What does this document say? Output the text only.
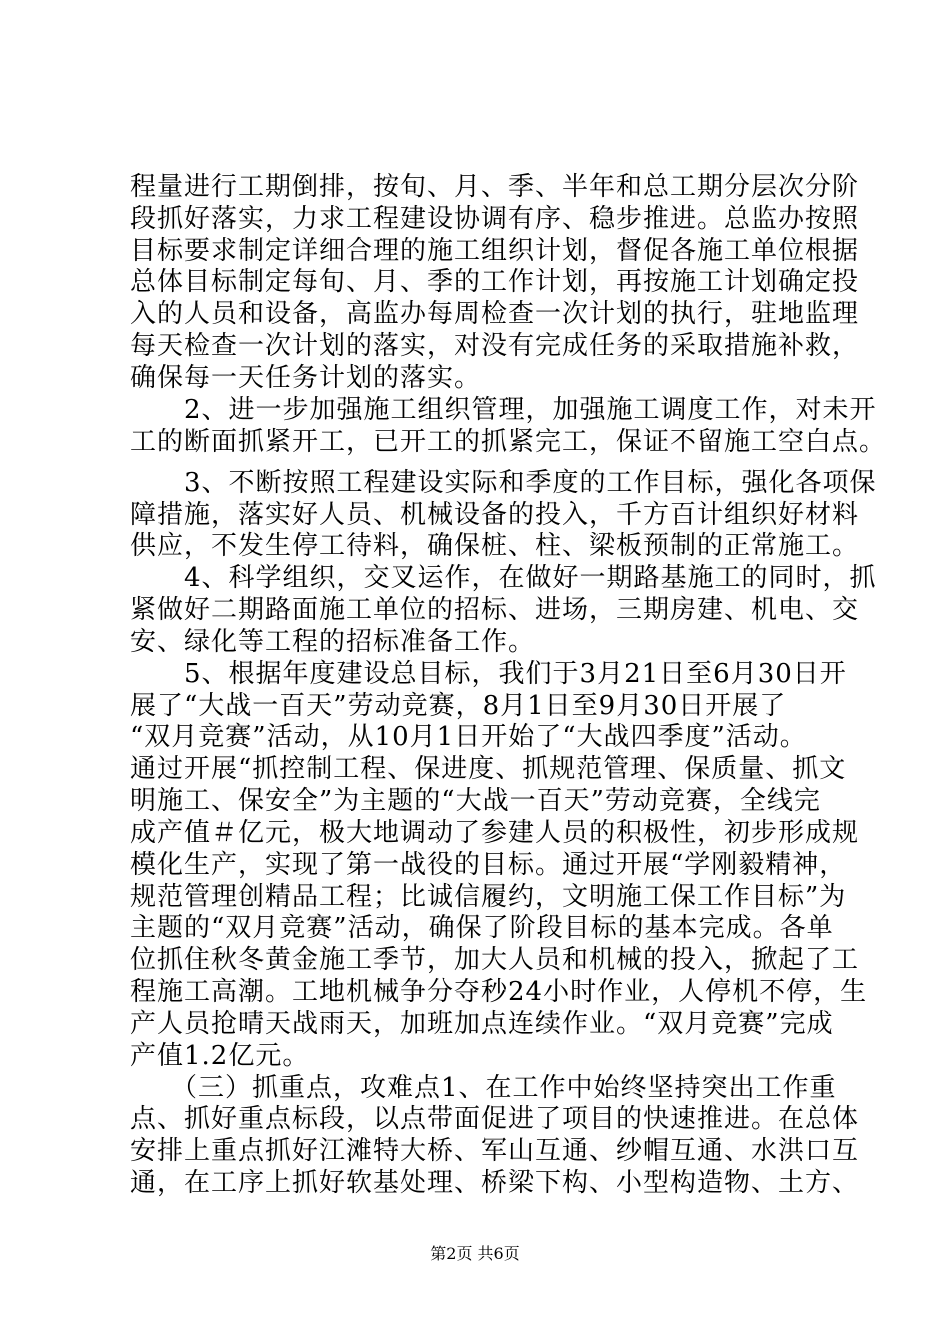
程量进行工期倒排，按旬、月、季、半年和总工期分层次分阶
段抓好落实，力求工程建设协调有序、稳步推进。总监办按照
目标要求制定详细合理的施工组织计划，督促各施工单位根据
总体目标制定每旬、月、季的工作计划，再按施工计划确定投
入的人员和设备，高监办每周检查一次计划的执行，驻地监理
每天检查一次计划的落实，对没有完成任务的采取措施补救，
确保每一天任务计划的落实。
　　2、进一步加强施工组织管理，加强施工调度工作，对未开
工的断面抓紧开工，已开工的抓紧完工，保证不留施工空白点。
　　3、不断按照工程建设实际和季度的工作目标，强化各项保
障措施，落实好人员、机械设备的投入，千方百计组织好材料
供应，不发生停工待料，确保桩、柱、梁板预制的正常施工。
　　4、科学组织，交叉运作，在做好一期路基施工的同时，抓
紧做好二期路面施工单位的招标、进场，三期房建、机电、交
安、绿化等工程的招标准备工作。
　　5、根据年度建设总目标，我们于3月21日至6月30日开
展了“大战一百天”劳动竞赛，8月1日至9月30日开展了
“双月竞赛”活动，从10月1日开始了“大战四季度”活动。
通过开展“抓控制工程、保进度、抓规范管理、保质量、抓文
明施工、保安全”为主题的“大战一百天”劳动竞赛，全线完
成产值＃亿元，极大地调动了参建人员的积极性，初步形成规
模化生产，实现了第一战役的目标。通过开展“学刚毅精神，
规范管理创精品工程；比诚信履约，文明施工保工作目标”为
主题的“双月竞赛”活动，确保了阶段目标的基本完成。各单
位抓住秋冬黄金施工季节，加大人员和机械的投入，掀起了工
程施工高潮。工地机械争分夺秒24小时作业，人停机不停，生
产人员抢晴天战雨天，加班加点连续作业。“双月竞赛”完成
产值1.2亿元。
　　（三）抓重点，攻难点1、在工作中始终坚持突出工作重
点、抓好重点标段，以点带面促进了项目的快速推进。在总体
安排上重点抓好江滩特大桥、军山互通、纱帽互通、水洪口互
通，在工序上抓好软基处理、桥梁下构、小型构造物、土方、
第2页 共6页
